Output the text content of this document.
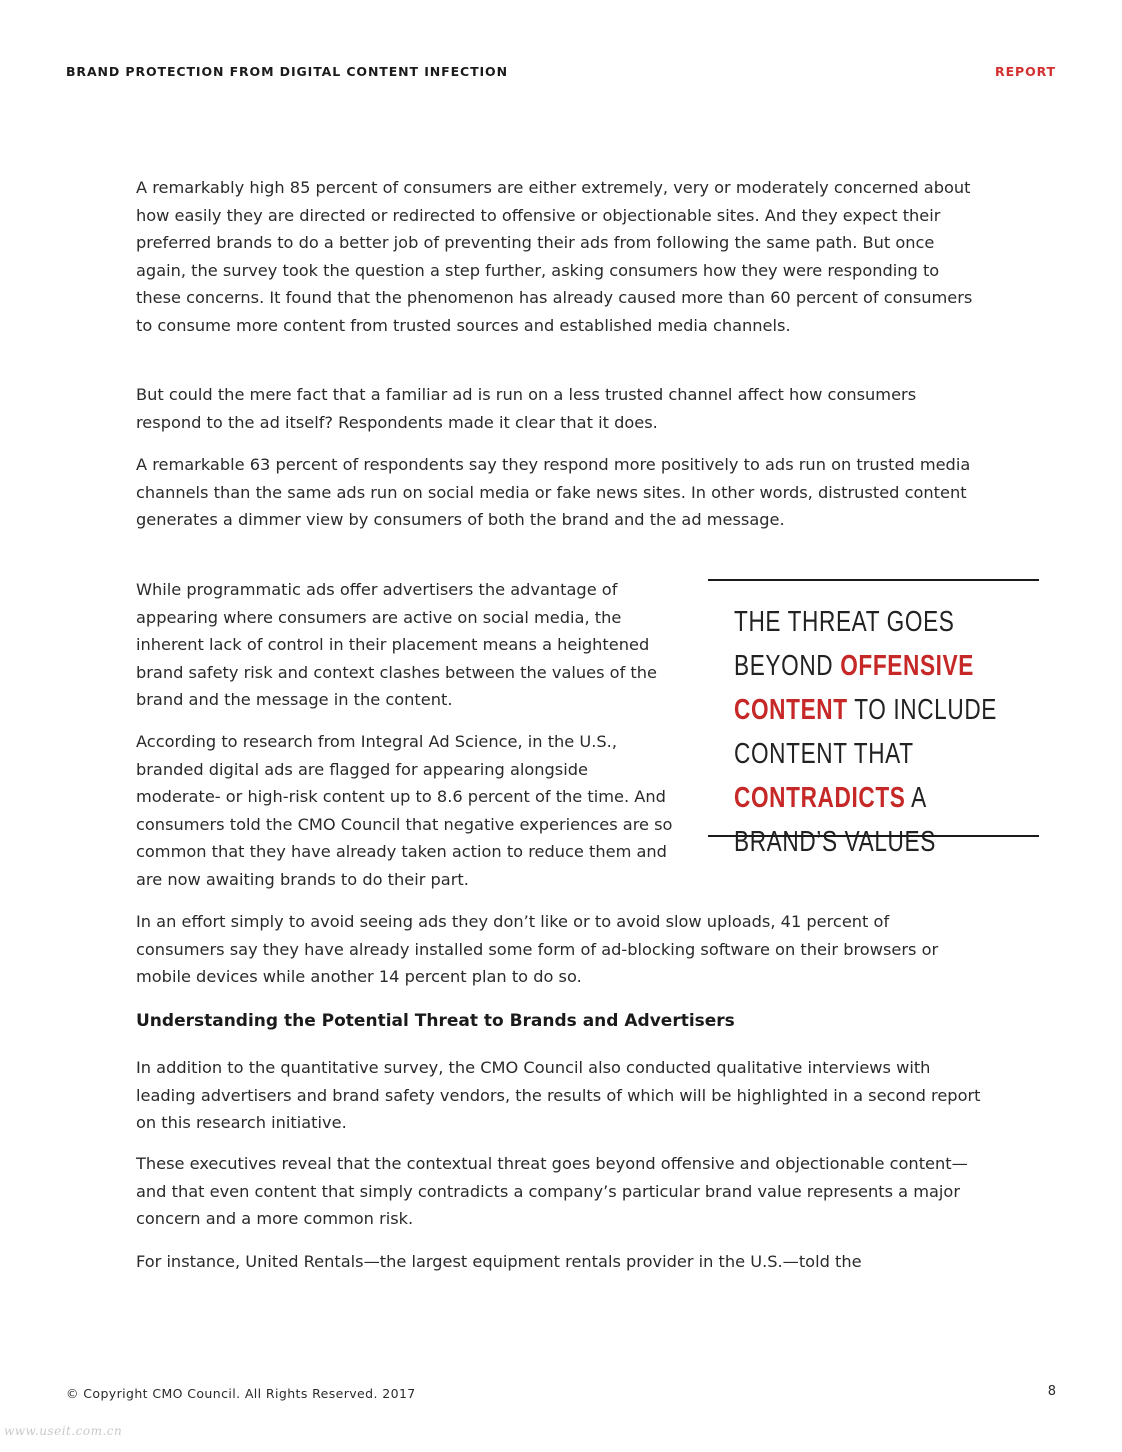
BRAND PROTECTION FROM DIGITAL CONTENT INFECTION	REPORT

A remarkably high 85 percent of consumers are either extremely, very or moderately concerned about how easily they are directed or redirected to offensive or objectionable sites. And they expect their preferred brands to do a better job of preventing their ads from following the same path. But once again, the survey took the question a step further, asking consumers how they were responding to these concerns. It found that the phenomenon has already caused more than 60 percent of consumers to consume more content from trusted sources and established media channels.

But could the mere fact that a familiar ad is run on a less trusted channel affect how consumers respond to the ad itself? Respondents made it clear that it does.

A remarkable 63 percent of respondents say they respond more positively to ads run on trusted media channels than the same ads run on social media or fake news sites. In other words, distrusted content generates a dimmer view by consumers of both the brand and the ad message.

While programmatic ads offer advertisers the advantage of appearing where consumers are active on social media, the inherent lack of control in their placement means a heightened brand safety risk and context clashes between the values of the brand and the message in the content.

According to research from Integral Ad Science, in the U.S., branded digital ads are flagged for appearing alongside moderate- or high-risk content up to 8.6 percent of the time. And consumers told the CMO Council that negative experiences are so common that they have already taken action to reduce them and are now awaiting brands to do their part.

In an effort simply to avoid seeing ads they don’t like or to avoid slow uploads, 41 percent of consumers say they have already installed some form of ad-blocking software on their browsers or mobile devices while another 14 percent plan to do so.

Understanding the Potential Threat to Brands and Advertisers

In addition to the quantitative survey, the CMO Council also conducted qualitative interviews with leading advertisers and brand safety vendors, the results of which will be highlighted in a second report on this research initiative.

These executives reveal that the contextual threat goes beyond offensive and objectionable content—and that even content that simply contradicts a company’s particular brand value represents a major concern and a more common risk.

For instance, United Rentals—the largest equipment rentals provider in the U.S.—told the

THE THREAT GOES BEYOND OFFENSIVE CONTENT TO INCLUDE CONTENT THAT CONTRADICTS A BRAND’S VALUES

© Copyright CMO Council. All Rights Reserved. 2017	8
www.useit.com.cn
